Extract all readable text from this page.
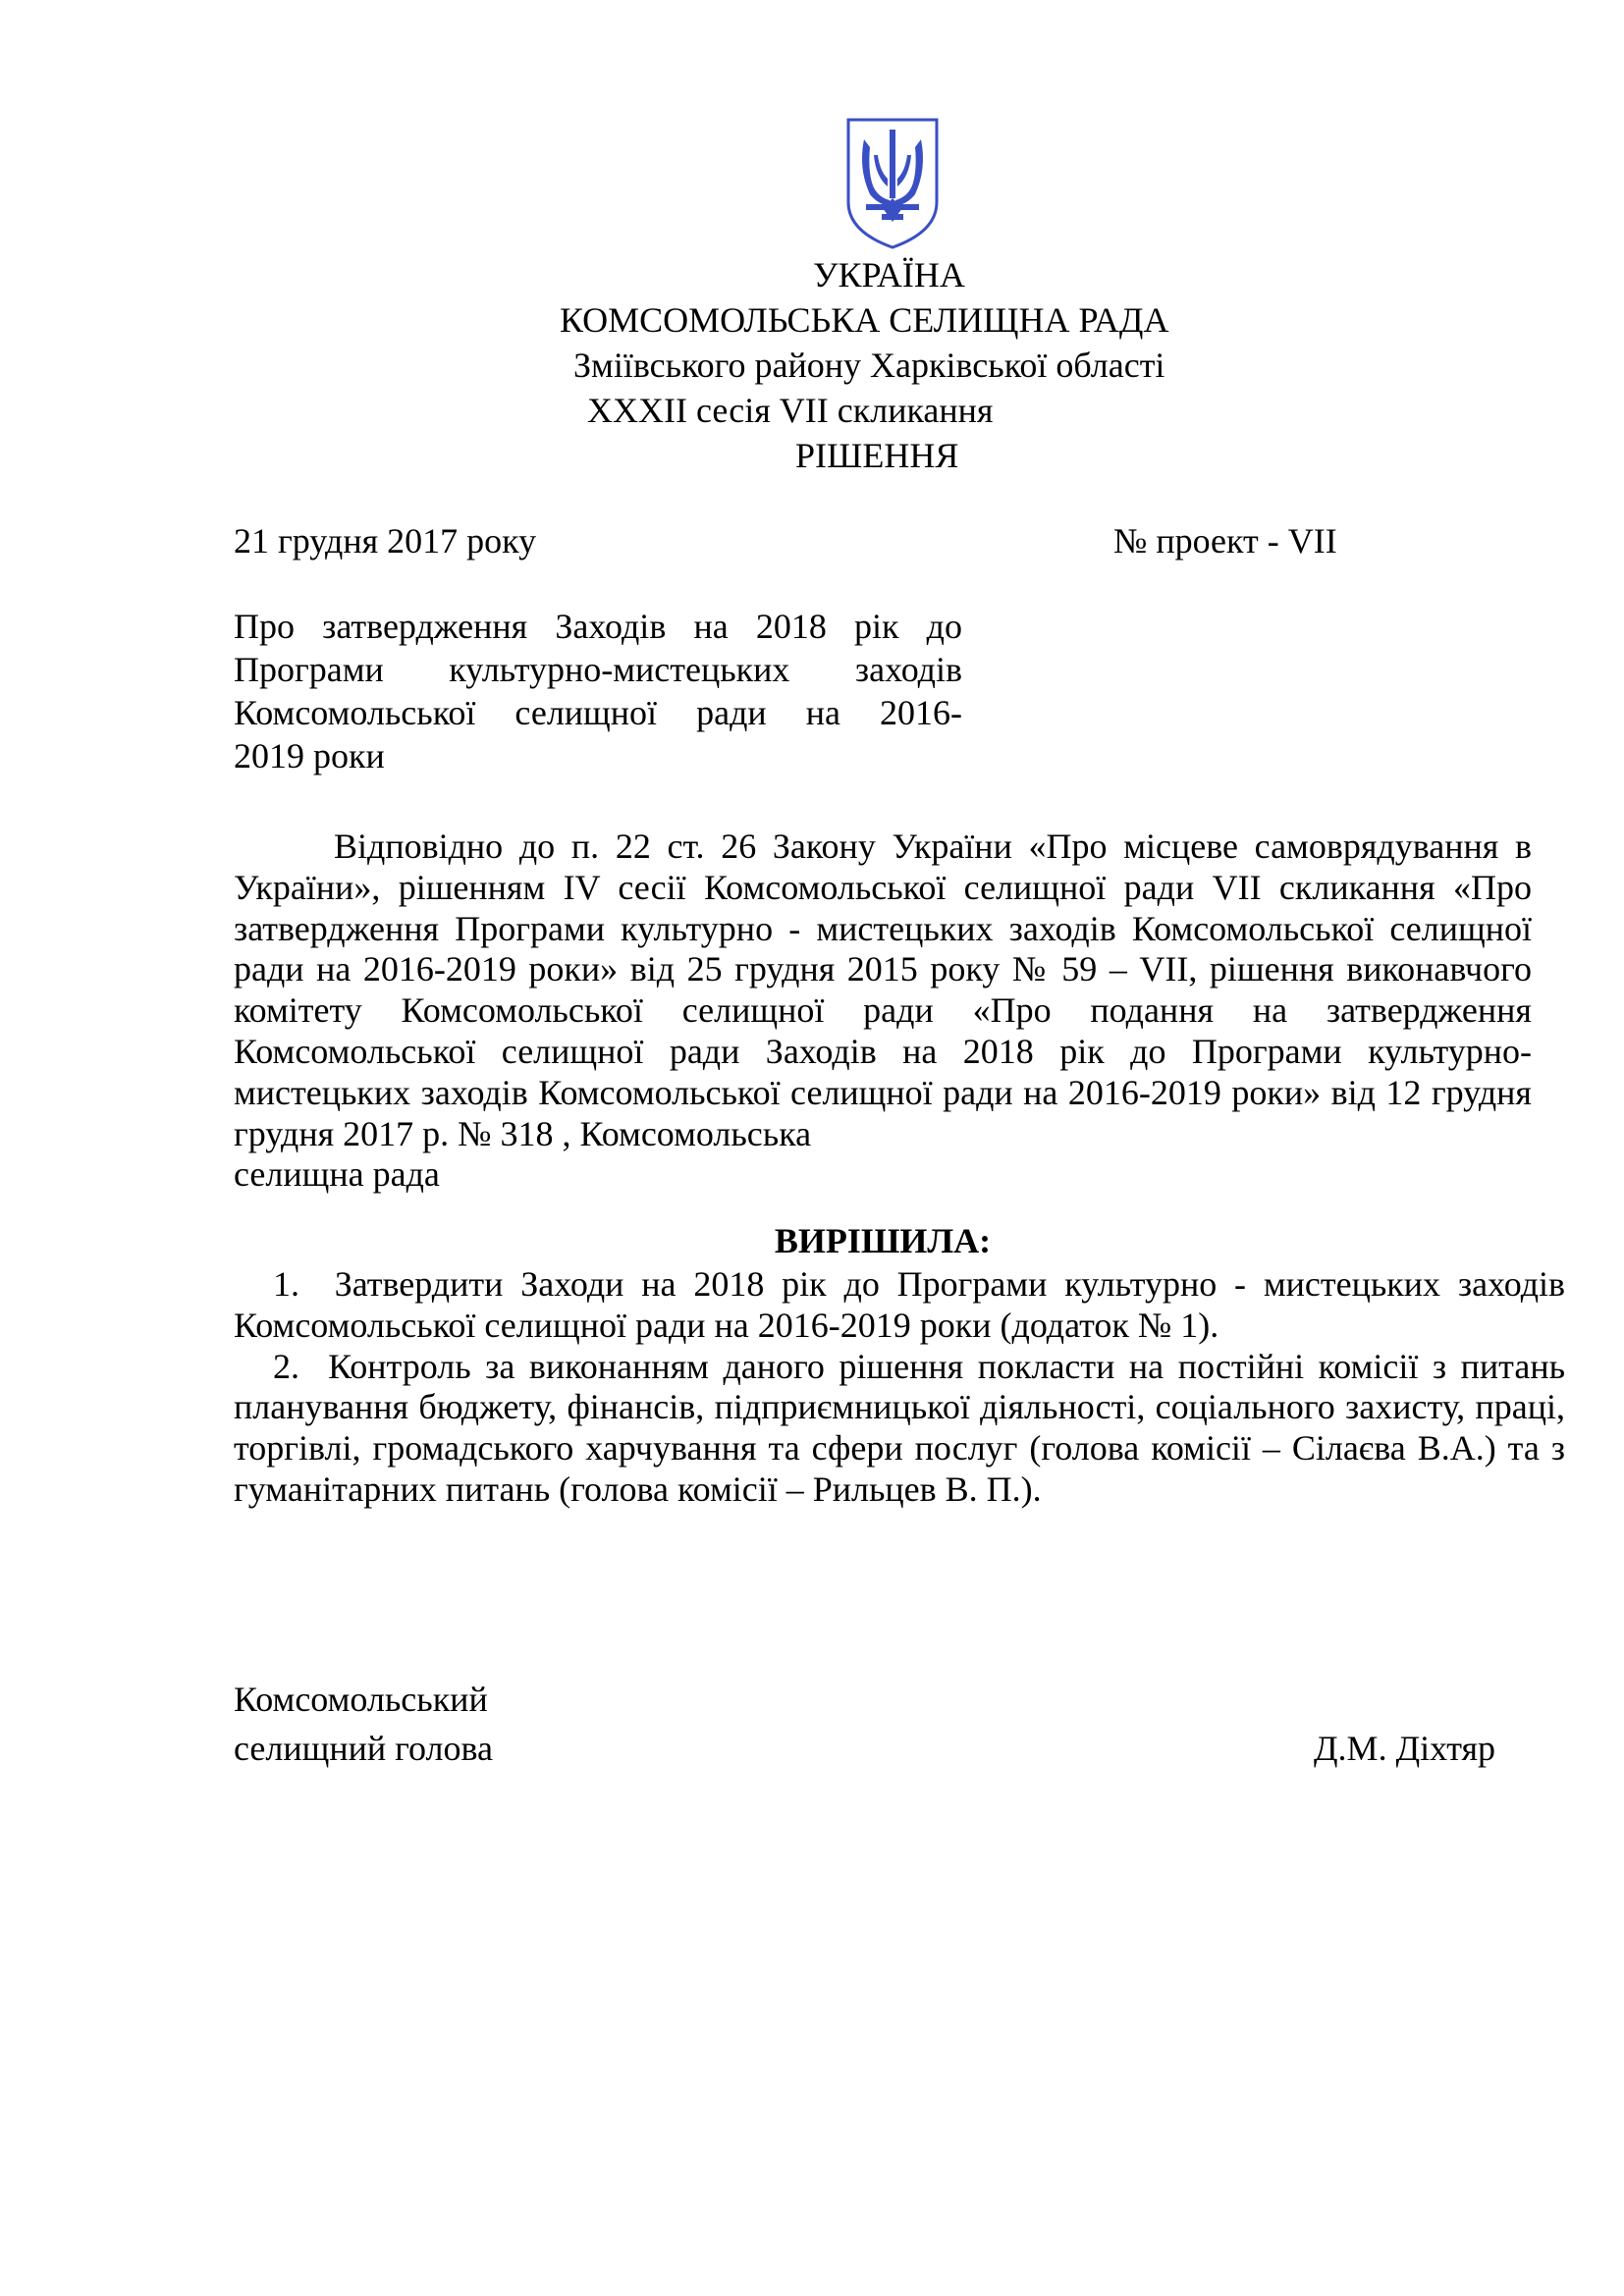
УКРАЇНА
КОМСОМОЛЬСЬКА СЕЛИЩНА РАДА
Зміївського району Харківської області
ХХХІІ сесія VІІ скликання
РІШЕННЯ
21 грудня 2017 року	№ проект - VІІ
Про затвердження Заходів на 2018 рік до
Програми культурно-мистецьких заходів
Комсомольської селищної ради на 2016-
2019 роки
Відповідно до п. 22 ст. 26 Закону України «Про місцеве самоврядування в України», рішенням IV сесії Комсомольської селищної ради VІІ скликання «Про затвердження Програми культурно - мистецьких заходів Комсомольської селищної ради на 2016-2019 роки» від 25 грудня 2015 року № 59 – VІІ, рішення виконавчого комітету Комсомольської селищної ради «Про подання на затвердження Комсомольської селищної ради Заходів на 2018 рік до Програми культурно-мистецьких заходів Комсомольської селищної ради на 2016-2019 роки» від 12 грудня грудня 2017 р. № 318 , Комсомольська
селищна рада
ВИРІШИЛА:
1. Затвердити Заходи на 2018 рік до Програми культурно - мистецьких заходів Комсомольської селищної ради на 2016-2019 роки (додаток № 1).
2. Контроль за виконанням даного рішення покласти на постійні комісії з питань планування бюджету, фінансів, підприємницької діяльності, соціального захисту, праці, торгівлі, громадського харчування та сфери послуг (голова комісії – Сілаєва В.А.) та з гуманітарних питань (голова комісії – Рильцев В. П.).
Комсомольський
селищний голова	Д.М. Діхтяр
